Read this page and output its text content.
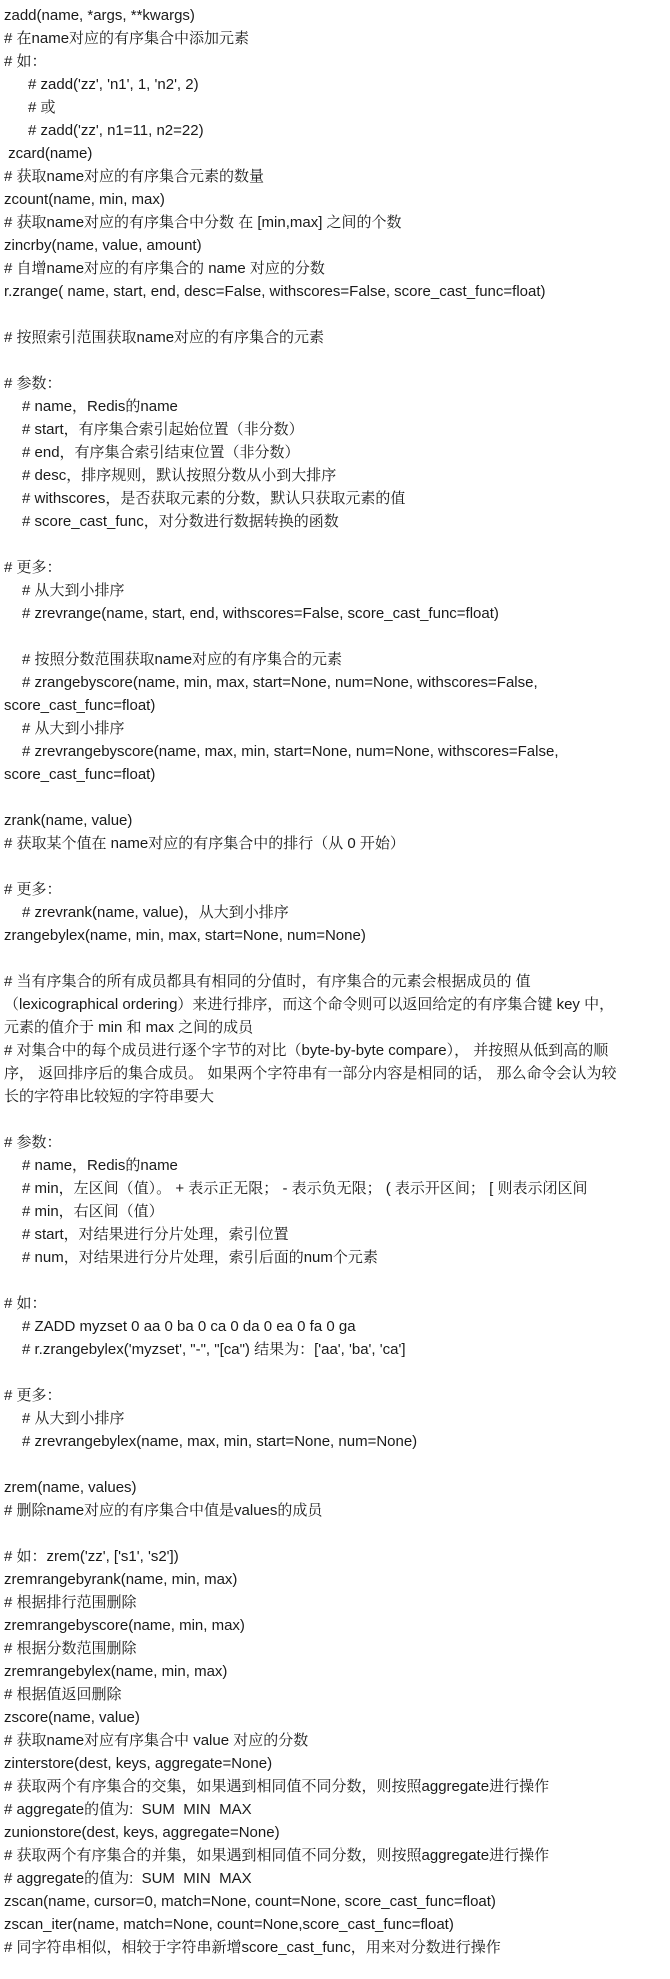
zadd(name, *args, **kwargs)
# 在name对应的有序集合中添加元素
# 如：
# zadd('zz', 'n1', 1, 'n2', 2)
# 或
# zadd('zz', n1=11, n2=22)
zcard(name)
# 获取name对应的有序集合元素的数量
zcount(name, min, max)
# 获取name对应的有序集合中分数 在 [min,max] 之间的个数
zincrby(name, value, amount)
# 自增name对应的有序集合的 name 对应的分数
r.zrange( name, start, end, desc=False, withscores=False, score_cast_func=float)
# 按照索引范围获取name对应的有序集合的元素
# 参数：
# name，Redis的name
# start，有序集合索引起始位置（非分数）
# end，有序集合索引结束位置（非分数）
# desc，排序规则，默认按照分数从小到大排序
# withscores，是否获取元素的分数，默认只获取元素的值
# score_cast_func，对分数进行数据转换的函数
# 更多：
# 从大到小排序
# zrevrange(name, start, end, withscores=False, score_cast_func=float)
# 按照分数范围获取name对应的有序集合的元素
# zrangebyscore(name, min, max, start=None, num=None, withscores=False,
score_cast_func=float)
# 从大到小排序
# zrevrangebyscore(name, max, min, start=None, num=None, withscores=False,
score_cast_func=float)
zrank(name, value)
# 获取某个值在 name对应的有序集合中的排行（从 0 开始）
# 更多：
# zrevrank(name, value)，从大到小排序
zrangebylex(name, min, max, start=None, num=None)
# 当有序集合的所有成员都具有相同的分值时，有序集合的元素会根据成员的 值
（lexicographical ordering）来进行排序，而这个命令则可以返回给定的有序集合键 key 中，
元素的值介于 min 和 max 之间的成员
# 对集合中的每个成员进行逐个字节的对比（byte-by-byte compare）， 并按照从低到高的顺
序， 返回排序后的集合成员。 如果两个字符串有一部分内容是相同的话， 那么命令会认为较
长的字符串比较短的字符串要大
# 参数：
# name，Redis的name
# min，左区间（值）。 + 表示正无限； - 表示负无限； ( 表示开区间； [ 则表示闭区间
# min，右区间（值）
# start，对结果进行分片处理，索引位置
# num，对结果进行分片处理，索引后面的num个元素
# 如：
# ZADD myzset 0 aa 0 ba 0 ca 0 da 0 ea 0 fa 0 ga
# r.zrangebylex('myzset', "-", "[ca") 结果为：['aa', 'ba', 'ca']
# 更多：
# 从大到小排序
# zrevrangebylex(name, max, min, start=None, num=None)
zrem(name, values)
# 删除name对应的有序集合中值是values的成员
# 如：zrem('zz', ['s1', 's2'])
zremrangebyrank(name, min, max)
# 根据排行范围删除
zremrangebyscore(name, min, max)
# 根据分数范围删除
zremrangebylex(name, min, max)
# 根据值返回删除
zscore(name, value)
# 获取name对应有序集合中 value 对应的分数
zinterstore(dest, keys, aggregate=None)
# 获取两个有序集合的交集，如果遇到相同值不同分数，则按照aggregate进行操作
# aggregate的值为:  SUM  MIN  MAX
zunionstore(dest, keys, aggregate=None)
# 获取两个有序集合的并集，如果遇到相同值不同分数，则按照aggregate进行操作
# aggregate的值为:  SUM  MIN  MAX
zscan(name, cursor=0, match=None, count=None, score_cast_func=float)
zscan_iter(name, match=None, count=None,score_cast_func=float)
# 同字符串相似，相较于字符串新增score_cast_func，用来对分数进行操作
